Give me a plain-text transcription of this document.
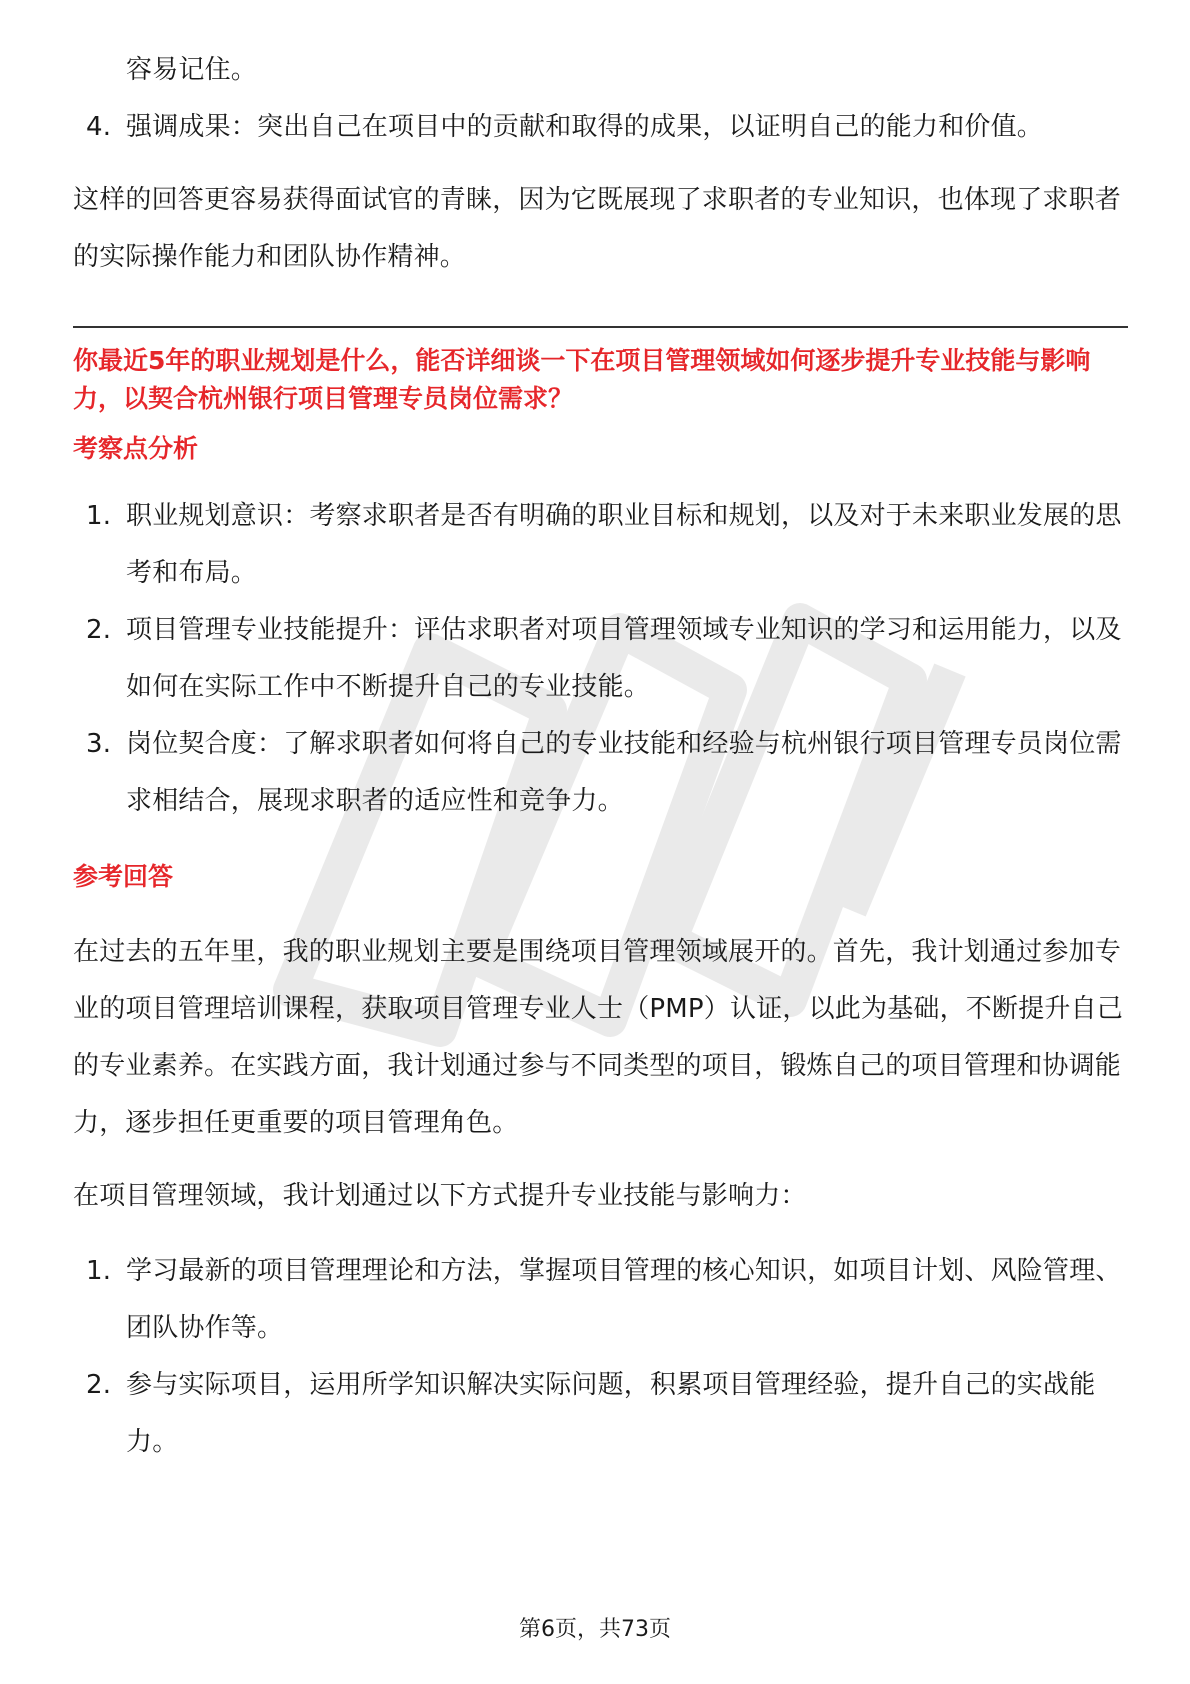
容易记住。
4. 强调成果：突出自己在项目中的贡献和取得的成果，以证明自己的能力和价值。

这样的回答更容易获得面试官的青睐，因为它既展现了求职者的专业知识，也体现了求职者的实际操作能力和团队协作精神。

你最近5年的职业规划是什么，能否详细谈一下在项目管理领域如何逐步提升专业技能与影响力，以契合杭州银行项目管理专员岗位需求？

考察点分析

1. 职业规划意识：考察求职者是否有明确的职业目标和规划，以及对于未来职业发展的思考和布局。
2. 项目管理专业技能提升：评估求职者对项目管理领域专业知识的学习和运用能力，以及如何在实际工作中不断提升自己的专业技能。
3. 岗位契合度：了解求职者如何将自己的专业技能和经验与杭州银行项目管理专员岗位需求相结合，展现求职者的适应性和竞争力。

参考回答

在过去的五年里，我的职业规划主要是围绕项目管理领域展开的。首先，我计划通过参加专业的项目管理培训课程，获取项目管理专业人士（PMP）认证，以此为基础，不断提升自己的专业素养。在实践方面，我计划通过参与不同类型的项目，锻炼自己的项目管理和协调能力，逐步担任更重要的项目管理角色。

在项目管理领域，我计划通过以下方式提升专业技能与影响力：

1. 学习最新的项目管理理论和方法，掌握项目管理的核心知识，如项目计划、风险管理、团队协作等。
2. 参与实际项目，运用所学知识解决实际问题，积累项目管理经验，提升自己的实战能力。
第6页，共73页
